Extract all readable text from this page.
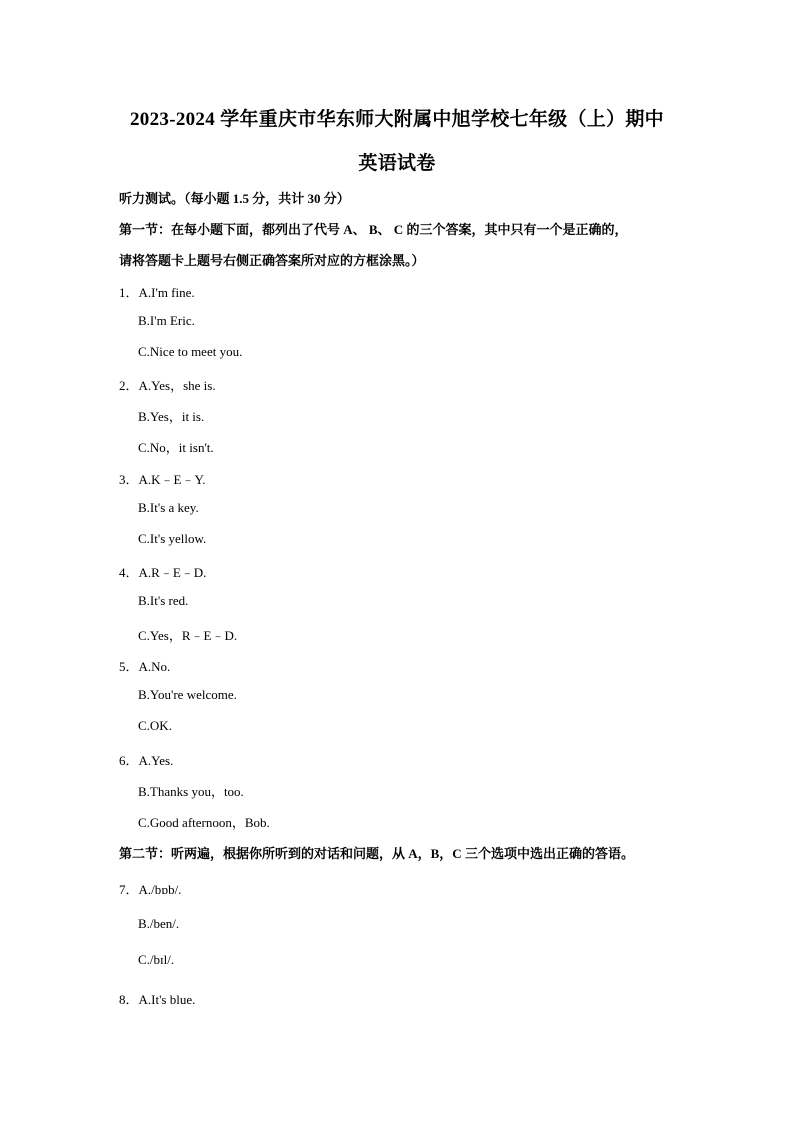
2023-2024 学年重庆市华东师大附属中旭学校七年级（上）期中
英语试卷
听力测试。（每小题 1.5 分，共计 30 分）
第一节：在每小题下面，都列出了代号 A、 B、 C 的三个答案，其中只有一个是正确的，
请将答题卡上题号右侧正确答案所对应的方框涂黑。）
1．A.I'm fine.
B.I'm Eric.
C.Nice to meet you.
2．A.Yes，she is.
B.Yes，it is.
C.No，it isn't.
3．A.K﹣E﹣Y.
B.It's a key.
C.It's yellow.
4．A.R﹣E﹣D.
B.It's red.
C.Yes，R﹣E﹣D.
5．A.No.
B.You're welcome.
C.OK.
6．A.Yes.
B.Thanks you，too.
C.Good afternoon，Bob.
第二节：听两遍，根据你所听到的对话和问题，从 A，B，C 三个选项中选出正确的答语。
7．A./bɒb/.
B./ben/.
C./bɪl/.
8．A.It's blue.
